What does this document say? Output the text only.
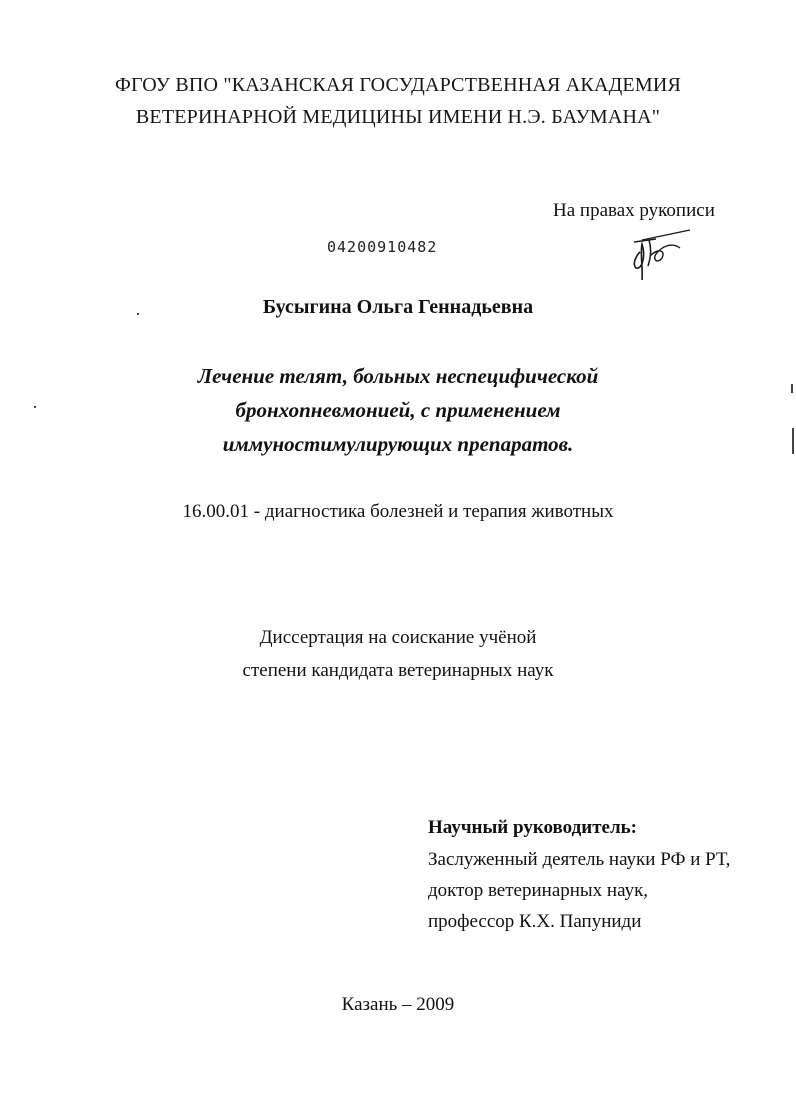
ФГОУ ВПО "КАЗАНСКАЯ ГОСУДАРСТВЕННАЯ АКАДЕМИЯ
ВЕТЕРИНАРНОЙ МЕДИЦИНЫ ИМЕНИ Н.Э. БАУМАНА"
На правах рукописи
04200910482
Бусыгина Ольга Геннадьевна
Лечение телят, больных неспецифической
бронхопневмонией, с применением
иммуностимулирующих препаратов.
16.00.01 - диагностика болезней и терапия животных
Диссертация на соискание учёной
степени кандидата ветеринарных наук
Научный руководитель:
Заслуженный деятель науки РФ и РТ,
доктор ветеринарных наук,
профессор К.Х. Папуниди
Казань – 2009
